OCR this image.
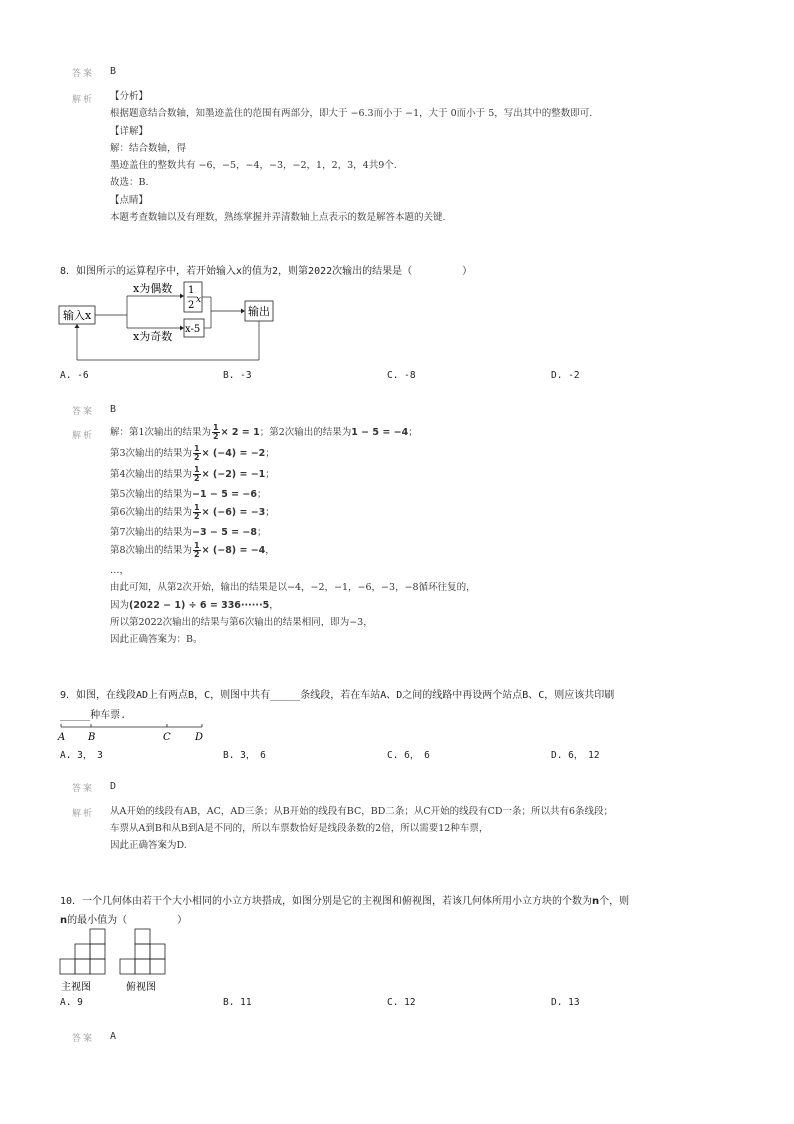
答案 B
解析 【分析】
根据题意结合数轴，知墨迹盖住的范围有两部分，即大于 −6.3而小于 −1，大于 0而小于 5，写出其中的整数即可.
【详解】
解：结合数轴，得
墨迹盖住的整数共有 −6，−5，−4，−3，−2，1，2，3，4共9个.
故选：B.
【点睛】
本题考查数轴以及有理数，熟练掌握并弄清数轴上点表示的数是解答本题的关键.
8．如图所示的运算程序中，若开始输入x的值为2，则第2022次输出的结果是（　　　　　）
输入x
x为偶数
x为奇数
1
2 x
x-5
输出
A. -6	B. -3	C. -8	D. -2
答案 B
解析 解：第1次输出的结果为 $\frac{1}{2} \times 2 = 1$；第2次输出的结果为1 − 5 = −4；
第3次输出的结果为 $\frac{1}{2} \times (-4) = -2$；
第4次输出的结果为 $\frac{1}{2} \times (-2) = -1$；
第5次输出的结果为−1 − 5 = −6；
第6次输出的结果为 $\frac{1}{2} \times (-6) = -3$；
第7次输出的结果为−3 − 5 = −8；
第8次输出的结果为 $\frac{1}{2} \times (-8) = -4$，
…，
由此可知，从第2次开始，输出的结果是以−4，−2，−1，−6，−3，−8循环往复的，
因为(2022 − 1) ÷ 6 = 336······5，
所以第2022次输出的结果与第6次输出的结果相同，即为−3，
因此正确答案为：B。
9．如图，在线段AD上有两点B，C，则图中共有_____条线段，若在车站A、D之间的线路中再设两个站点B、C，则应该共印刷
_____种车票.
A B	C D
A. 3，　3	B. 3，　6	C. 6，　6	D. 6，　12
答案 D
解析 从A开始的线段有AB，AC，AD三条；从B开始的线段有BC，BD二条；从C开始的线段有CD一条；所以共有6条线段；
车票从A到B和从B到A是不同的，所以车票数恰好是线段条数的2倍，所以需要12种车票，
因此正确答案为D.
10．一个几何体由若干个大小相同的小立方块搭成，如图分别是它的主视图和俯视图，若该几何体所用小立方块的个数为n个，则
n的最小值为（　　　　　）
主视图	俯视图
A. 9	B. 11	C. 12	D. 13
答案 A
